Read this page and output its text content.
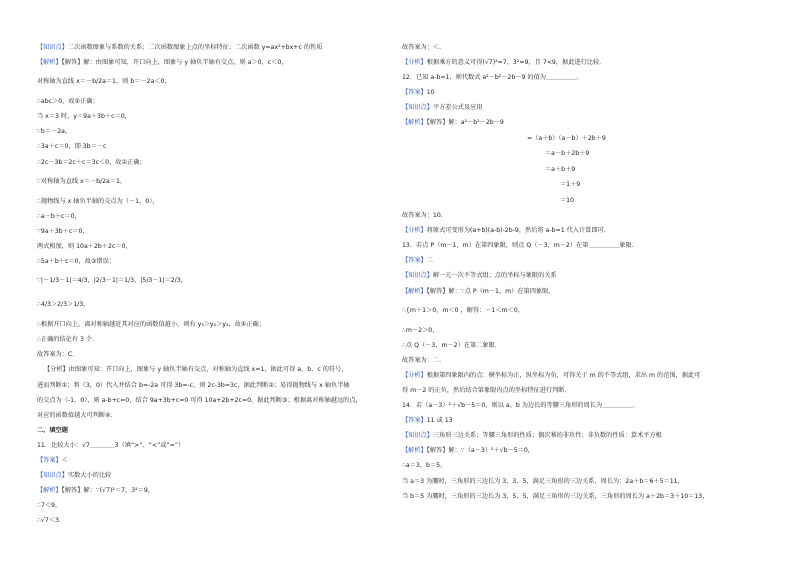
【知识点】二次函数图象与系数的关系；二次函数图象上点的坐标特征；二次函数 y=ax²+bx+c 的性质
【解析】【解答】解：由图象可知，开口向上，图象与 y 轴负半轴有交点，则 a＞0，c＜0，
对称轴为直线 x＝－b/2a＝1，则 b＝－2a＜0，
∴abc＞0，故①正确；
当 x＝3 时，y＝9a＋3b＋c＝0，
∵b＝－2a，
∴3a＋c＝0，即 3b＝－c
∴2c－3b＝2c＋c＝3c＜0，故②正确；
∵对称轴为直线 x＝－b/2a＝1，
∴抛物线与 x 轴负半轴的交点为（－1，0），
∴a－b＋c＝0，
∵9a＋3b＋c＝0，
两式相加，则 10a＋2b＋2c＝0，
∴5a＋b＋c＝0，故③错误；
∵|－1/3－1|＝4/3，|2/3－1|＝1/3，|5/3－1|＝2/3，
∴4/3＞2/3＞1/3，
∴根据开口向上，离对称轴越近其对应的函数值越小，则有 y₃＞y₂＞y₁，故④正确；
∴正确的结论有 3 个.
故答案为：C.
【分析】由图象可知：开口向上，图象与 y 轴负半轴有交点，对称轴为直线 x=1，据此可得 a、b、c 的符号，
进而判断①；将（3，0）代入并结合 b=-2a 可得 3b=-c，则 2c-3b=3c，据此判断②；易得抛物线与 x 轴负半轴
的交点为（-1，0），则 a-b+c=0，结合 9a+3b+c=0 可得 10a+2b+2c=0，据此判断③；根据离对称轴越远的点，
对应的函数值越大可判断④.
二、填空题
11．比较大小：√7＿＿＿＿3（填“>”、“<”或“=”）
【答案】＜
【知识点】实数大小的比较
【解析】【解答】解：∵(√7)²＝7，3²＝9，
∴7＜9，
∴√7＜3.
故答案为：＜.
【分析】根据乘方的意义可得(√7)²=7，3²=9，且 7<9，据此进行比较.
12．已知 a-b=1，则代数式 a²－b²－2b－9 的值为＿＿＿＿＿.
【答案】10
【知识点】平方差公式及应用
【解析】【解答】解：a²－b²－2b－9
=（a＋b）（a－b）＋2b＋9
＝a－b＋2b＋9
＝a＋b＋9
＝1＋9
＝10
故答案为：10.
【分析】将原式可变形为(a+b)(a-b)-2b-9，然后将 a-b=1 代入计算即可.
13．若点 P（m－1，m）在第四象限，则点 Q（－3，m－2）在第＿＿＿＿＿象限.
【答案】二
【知识点】解一元一次不等式组；点的坐标与象限的关系
【解析】【解答】解：∵点 P（m－1，m）在第四象限，
∴{m＋1＞0，m＜0 ，解得：－1＜m＜0，
∴m－2＞0，
∴点 Q（－3，m－2）在第二象限.
故答案为：二.
【分析】根据第四象限内的点：横坐标为正，纵坐标为负，可得关于 m 的不等式组，求出 m 的范围，据此可
得 m－2 的正负，然后结合第象限内点的坐标特征进行判断.
14．若（a－3）²＋√b－5＝0，则以 a、b 为边长的等腰三角形的周长为＿＿＿＿＿.
【答案】11 或 13
【知识点】三角形三边关系；等腰三角形的性质；偶次幂的非负性；非负数的性质：算术平方根
【解析】【解答】解：∵（a－3）²＋√b－5＝0，
∴a＝3，b＝5，
当 a＝3 为腰时，三角形的三边长为 3、3、5，满足三角形的三边关系，周长为：2a＋b＝6＋5＝11，
当 b＝5 为腰时，三角形的三边长为 3、5、5，满足三角形的三边关系，三角形的周长为 a＋2b＝3＋10＝13，
